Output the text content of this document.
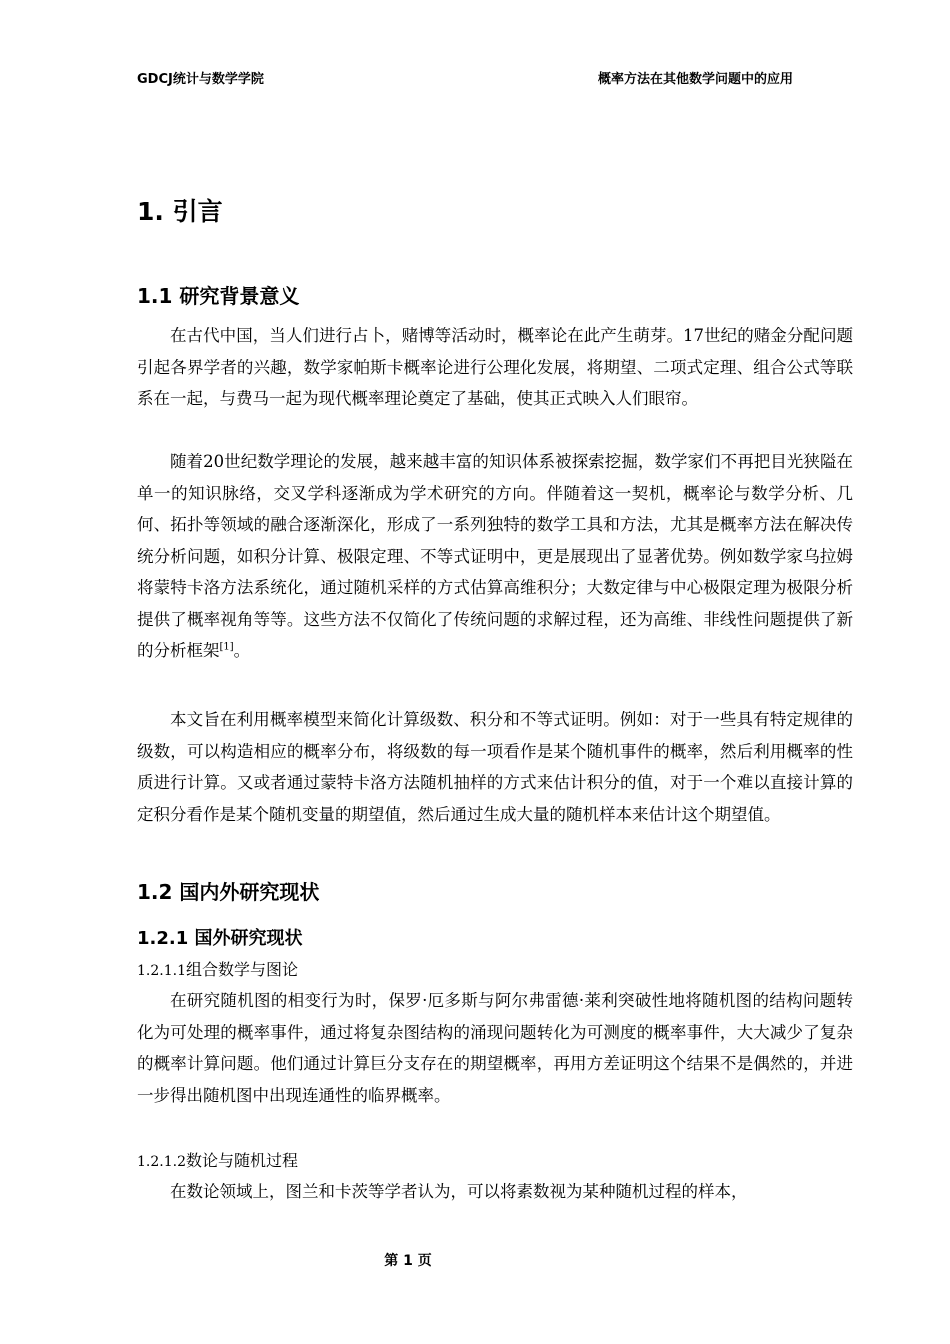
GDCJ统计与数学学院	概率方法在其他数学问题中的应用
1. 引言
1.1 研究背景意义

在古代中国，当人们进行占卜，赌博等活动时，概率论在此产生萌芽。17世纪的赌金分配问题引起各界学者的兴趣，数学家帕斯卡概率论进行公理化发展，将期望、二项式定理、组合公式等联系在一起，与费马一起为现代概率理论奠定了基础，使其正式映入人们眼帘。

随着20世纪数学理论的发展，越来越丰富的知识体系被探索挖掘，数学家们不再把目光狭隘在单一的知识脉络，交叉学科逐渐成为学术研究的方向。伴随着这一契机，概率论与数学分析、几何、拓扑等领域的融合逐渐深化，形成了一系列独特的数学工具和方法，尤其是概率方法在解决传统分析问题，如积分计算、极限定理、不等式证明中，更是展现出了显著优势。例如数学家乌拉姆将蒙特卡洛方法系统化，通过随机采样的方式估算高维积分；大数定律与中心极限定理为极限分析提供了概率视角等等。这些方法不仅简化了传统问题的求解过程，还为高维、非线性问题提供了新的分析框架[1]。

本文旨在利用概率模型来简化计算级数、积分和不等式证明。例如：对于一些具有特定规律的级数，可以构造相应的概率分布，将级数的每一项看作是某个随机事件的概率，然后利用概率的性质进行计算。又或者通过蒙特卡洛方法随机抽样的方式来估计积分的值，对于一个难以直接计算的定积分看作是某个随机变量的期望值，然后通过生成大量的随机样本来估计这个期望值。

1.2 国内外研究现状
1.2.1 国外研究现状
1.2.1.1组合数学与图论

在研究随机图的相变行为时，保罗·厄多斯与阿尔弗雷德·莱利突破性地将随机图的结构问题转化为可处理的概率事件，通过将复杂图结构的涌现问题转化为可测度的概率事件，大大减少了复杂的概率计算问题。他们通过计算巨分支存在的期望概率，再用方差证明这个结果不是偶然的，并进一步得出随机图中出现连通性的临界概率。

1.2.1.2数论与随机过程

在数论领域上，图兰和卡茨等学者认为，可以将素数视为某种随机过程的样本，

第 1 页
